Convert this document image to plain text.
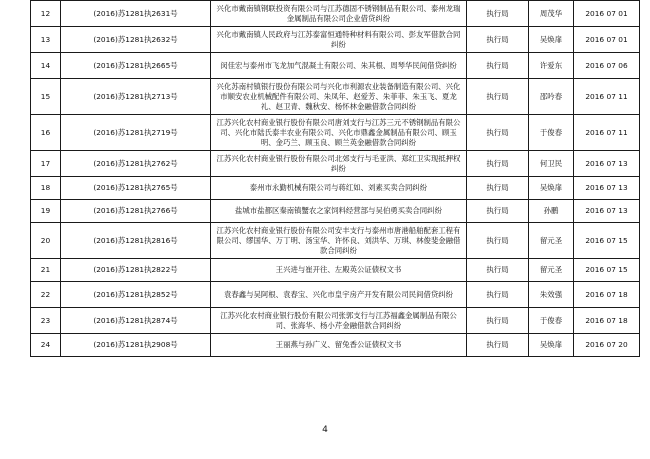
12	(2016)苏1281执2631号	兴化市戴南镇钢联投资有限公司与江苏德固不锈钢制品有限公司、泰州龙瑞金属制品有限公司企业借贷纠纷	执行局	周茂华	2016 07 01
13	(2016)苏1281执2632号	兴化市戴南镇人民政府与江苏泰富恒通特种材料有限公司、彭友军借款合同纠纷	执行局	吴焕扉	2016 07 01
14	(2016)苏1281执2665号	闵佳宏与泰州市飞龙加气混凝土有限公司、朱其根、周琴华民间借贷纠纷	执行局	许爱东	2016 07 06
15	(2016)苏1281执2713号	兴化苏南村镇银行股份有限公司与兴化市利源农业装备制造有限公司、兴化市顺安农业机械配件有限公司、朱凤年、赵爱芳、朱菲菲、朱玉飞、夏龙礼、赵卫青、魏秋安、杨怀林金融借款合同纠纷	执行局	邵吟春	2016 07 11
16	(2016)苏1281执2719号	江苏兴化农村商业银行股份有限公司唐刘支行与江苏三元不锈钢制品有限公司、兴化市陆氏泰丰农业有限公司、兴化市鼎鑫金属制品有限公司、顾玉明、金巧兰、顾玉良、顾兰英金融借款合同纠纷	执行局	于俊春	2016 07 11
17	(2016)苏1281执2762号	江苏兴化农村商业银行股份有限公司北郊支行与毛亚洪、郑红卫实现抵押权纠纷	执行局	何卫民	2016 07 13
18	(2016)苏1281执2765号	泰州市永勤机械有限公司与蒋红如、刘素买卖合同纠纷	执行局	吴焕扉	2016 07 13
19	(2016)苏1281执2766号	盐城市盐都区秦南镇蟹农之家饲料经营部与吴伯勇买卖合同纠纷	执行局	孙鹏	2016 07 13
20	(2016)苏1281执2816号	江苏兴化农村商业银行股份有限公司安丰支行与泰州市唐港船舶配套工程有限公司、缪国华、万丁明、汤宝华、许怀良、刘洪华、万琪、林俊斐金融借款合同纠纷	执行局	留元圣	2016 07 15
21	(2016)苏1281执2822号	王兴进与崔开往、左殿英公证债权文书	执行局	留元圣	2016 07 15
22	(2016)苏1281执2852号	袁春鑫与吴阿根、袁春宝、兴化市皇宇房产开发有限公司民间借贷纠纷	执行局	朱效强	2016 07 18
23	(2016)苏1281执2874号	江苏兴化农村商业银行股份有限公司张郭支行与江苏福鑫金属制品有限公司、张海华、杨小芹金融借款合同纠纷	执行局	于俊春	2016 07 18
24	(2016)苏1281执2908号	王丽燕与孙广义、留兔香公证债权文书	执行局	吴焕扉	2016 07 20
4
